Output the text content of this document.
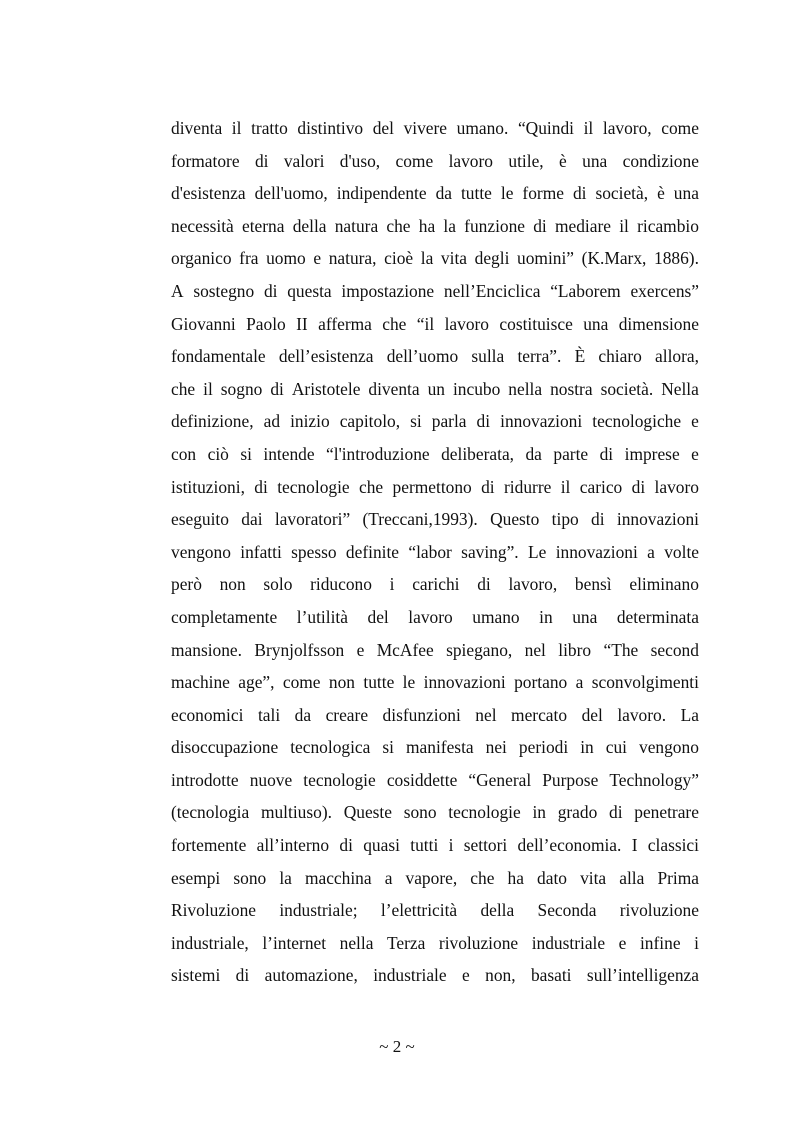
diventa il tratto distintivo del vivere umano. “Quindi il lavoro, come
formatore di valori d'uso, come lavoro utile, è una condizione
d'esistenza dell'uomo, indipendente da tutte le forme di società, è una
necessità eterna della natura che ha la funzione di mediare il ricambio
organico fra uomo e natura, cioè la vita degli uomini” (K.Marx, 1886).
A sostegno di questa impostazione nell’Enciclica “Laborem exercens”
Giovanni Paolo II afferma che “il lavoro costituisce una dimensione
fondamentale dell’esistenza dell’uomo sulla terra”. È chiaro allora,
che il sogno di Aristotele diventa un incubo nella nostra società. Nella
definizione, ad inizio capitolo, si parla di innovazioni tecnologiche e
con ciò si intende “l'introduzione deliberata, da parte di imprese e
istituzioni, di tecnologie che permettono di ridurre il carico di lavoro
eseguito dai lavoratori” (Treccani,1993). Questo tipo di innovazioni
vengono infatti spesso definite “labor saving”. Le innovazioni a volte
però non solo riducono i carichi di lavoro, bensì eliminano
completamente l’utilità del lavoro umano in una determinata
mansione. Brynjolfsson e McAfee spiegano, nel libro “The second
machine age”, come non tutte le innovazioni portano a sconvolgimenti
economici tali da creare disfunzioni nel mercato del lavoro. La
disoccupazione tecnologica si manifesta nei periodi in cui vengono
introdotte nuove tecnologie cosiddette “General Purpose Technology”
(tecnologia multiuso). Queste sono tecnologie in grado di penetrare
fortemente all’interno di quasi tutti i settori dell’economia. I classici
esempi sono la macchina a vapore, che ha dato vita alla Prima
Rivoluzione industriale; l’elettricità della Seconda rivoluzione
industriale, l’internet nella Terza rivoluzione industriale e infine i
sistemi di automazione, industriale e non, basati sull’intelligenza
~ 2 ~
